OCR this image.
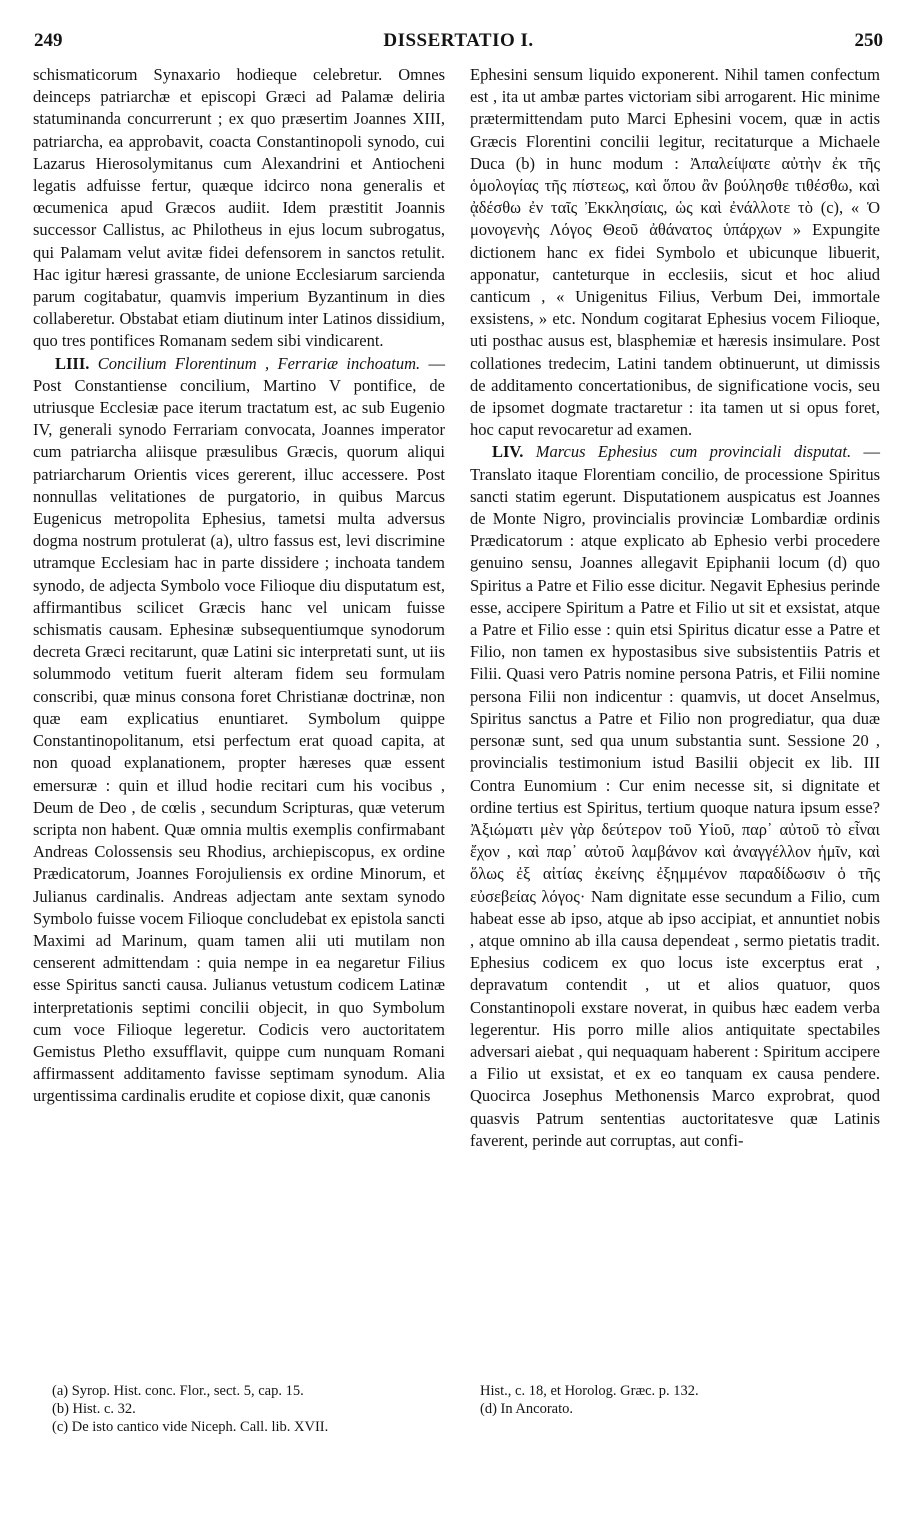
249	DISSERTATIO I.	250

schismaticorum Synaxario hodieque celebretur. Omnes deinceps patriarchæ et episcopi Græci ad Palamæ deliria statuminanda concurrerunt ; ex quo præsertim Joannes XIII, patriarcha, ea approbavit, coacta Constantinopoli synodo, cui Lazarus Hierosolymitanus cum Alexandrini et Antiocheni legatis adfuisse fertur, quæque idcirco nona generalis et œcumenica apud Græcos audiit. Idem præstitit Joannis successor Callistus, ac Philotheus in ejus locum subrogatus, qui Palamam velut avitæ fidei defensorem in sanctos retulit. Hac igitur hæresi grassante, de unione Ecclesiarum sarcienda parum cogitabatur, quamvis imperium Byzantinum in dies collaberetur. Obstabat etiam diutinum inter Latinos dissidium, quo tres pontifices Romanam sedem sibi vindicarent.

LIII. Concilium Florentinum , Ferrariæ inchoatum. — Post Constantiense concilium, Martino V pontifice, de utriusque Ecclesiæ pace iterum tractatum est, ac sub Eugenio IV, generali synodo Ferrariam convocata, Joannes imperator cum patriarcha aliisque præsulibus Græcis, quorum aliqui patriarcharum Orientis vices gererent, illuc accessere. Post nonnullas velitationes de purgatorio, in quibus Marcus Eugenicus metropolita Ephesius, tametsi multa adversus dogma nostrum protulerat (a), ultro fassus est, levi discrimine utramque Ecclesiam hac in parte dissidere ; inchoata tandem synodo, de adjecta Symbolo voce Filioque diu disputatum est, affirmantibus scilicet Græcis hanc vel unicam fuisse schismatis causam. Ephesinæ subsequentiumque synodorum decreta Græci recitarunt, quæ Latini sic interpretati sunt, ut iis solummodo vetitum fuerit alteram fidem seu formulam conscribi, quæ minus consona foret Christianæ doctrinæ, non quæ eam explicatius enuntiaret. Symbolum quippe Constantinopolitanum, etsi perfectum erat quoad capita, at non quoad explanationem, propter hæreses quæ essent emersuræ : quin et illud hodie recitari cum his vocibus , Deum de Deo , de cœlis , secundum Scripturas, quæ veterum scripta non habent. Quæ omnia multis exemplis confirmabant Andreas Colossensis seu Rhodius, archiepiscopus, ex ordine Prædicatorum, Joannes Forojuliensis ex ordine Minorum, et Julianus cardinalis. Andreas adjectam ante sextam synodo Symbolo fuisse vocem Filioque concludebat ex epistola sancti Maximi ad Marinum, quam tamen alii uti mutilam non censerent admittendam : quia nempe in ea negaretur Filius esse Spiritus sancti causa. Julianus vetustum codicem Latinæ interpretationis septimi concilii objecit, in quo Symbolum cum voce Filioque legeretur. Codicis vero auctoritatem Gemistus Pletho exsufflavit, quippe cum nunquam Romani affirmassent additamento favisse septimam synodum. Alia urgentissima cardinalis erudite et copiose dixit, quæ canonis

Ephesini sensum liquido exponerent. Nihil tamen confectum est , ita ut ambæ partes victoriam sibi arrogarent. Hic minime prætermittendam puto Marci Ephesini vocem, quæ in actis Græcis Florentini concilii legitur, recitaturque a Michaele Duca (b) in hunc modum : Ἀπαλείψατε αὐτὴν ἐκ τῆς ὁμολογίας τῆς πίστεως, καὶ ὅπου ἂν βούλησθε τιθέσθω, καὶ ᾀδέσθω ἐν ταῖς Ἐκκλησίαις, ὡς καὶ ἐνάλλοτε τὸ (c), « Ὁ μονογενὴς Λόγος Θεοῦ ἀθάνατος ὑπάρχων » Expungite dictionem hanc ex fidei Symbolo et ubicunque libuerit, apponatur, canteturque in ecclesiis, sicut et hoc aliud canticum , « Unigenitus Filius, Verbum Dei, immortale exsistens, » etc. Nondum cogitarat Ephesius vocem Filioque, uti posthac ausus est, blasphemiæ et hæresis insimulare. Post collationes tredecim, Latini tandem obtinuerunt, ut dimissis de additamento concertationibus, de significatione vocis, seu de ipsomet dogmate tractaretur : ita tamen ut si opus foret, hoc caput revocaretur ad examen.

LIV. Marcus Ephesius cum provinciali disputat. — Translato itaque Florentiam concilio, de processione Spiritus sancti statim egerunt. Disputationem auspicatus est Joannes de Monte Nigro, provincialis provinciæ Lombardiæ ordinis Prædicatorum : atque explicato ab Ephesio verbi procedere genuino sensu, Joannes allegavit Epiphanii locum (d) quo Spiritus a Patre et Filio esse dicitur. Negavit Ephesius perinde esse, accipere Spiritum a Patre et Filio ut sit et exsistat, atque a Patre et Filio esse : quin etsi Spiritus dicatur esse a Patre et Filio, non tamen ex hypostasibus sive subsistentiis Patris et Filii. Quasi vero Patris nomine persona Patris, et Filii nomine persona Filii non indicentur : quamvis, ut docet Anselmus, Spiritus sanctus a Patre et Filio non progrediatur, qua duæ personæ sunt, sed qua unum substantia sunt. Sessione 20 , provincialis testimonium istud Basilii objecit ex lib. III Contra Eunomium : Cur enim necesse sit, si dignitate et ordine tertius est Spiritus, tertium quoque natura ipsum esse? Ἀξιώματι μὲν γὰρ δεύτερον τοῦ Υἱοῦ, παρ᾽ αὐτοῦ τὸ εἶναι ἔχον , καὶ παρ᾽ αὐτοῦ λαμβάνον καὶ ἀναγγέλλον ἡμῖν, καὶ ὅλως ἐξ αἰτίας ἐκείνης ἐξημμένον παραδίδωσιν ὁ τῆς εὐσεβείας λόγος· Nam dignitate esse secundum a Filio, cum habeat esse ab ipso, atque ab ipso accipiat, et annuntiet nobis , atque omnino ab illa causa dependeat , sermo pietatis tradit. Ephesius codicem ex quo locus iste excerptus erat , depravatum contendit , ut et alios quatuor, quos Constantinopoli exstare noverat, in quibus hæc eadem verba legerentur. His porro mille alios antiquitate spectabiles adversari aiebat , qui nequaquam haberent : Spiritum accipere a Filio ut exsistat, et ex eo tanquam ex causa pendere. Quocirca Josephus Methonensis Marco exprobrat, quod quasvis Patrum sententias auctoritatesve quæ Latinis faverent, perinde aut corruptas, aut confi-

(a) Syrop. Hist. conc. Flor., sect. 5, cap. 15.

(b) Hist. c. 32.

(c) De isto cantico vide Niceph. Call. lib. XVII.

Hist., c. 18, et Horolog. Græc. p. 132.

(d) In Ancorato.
